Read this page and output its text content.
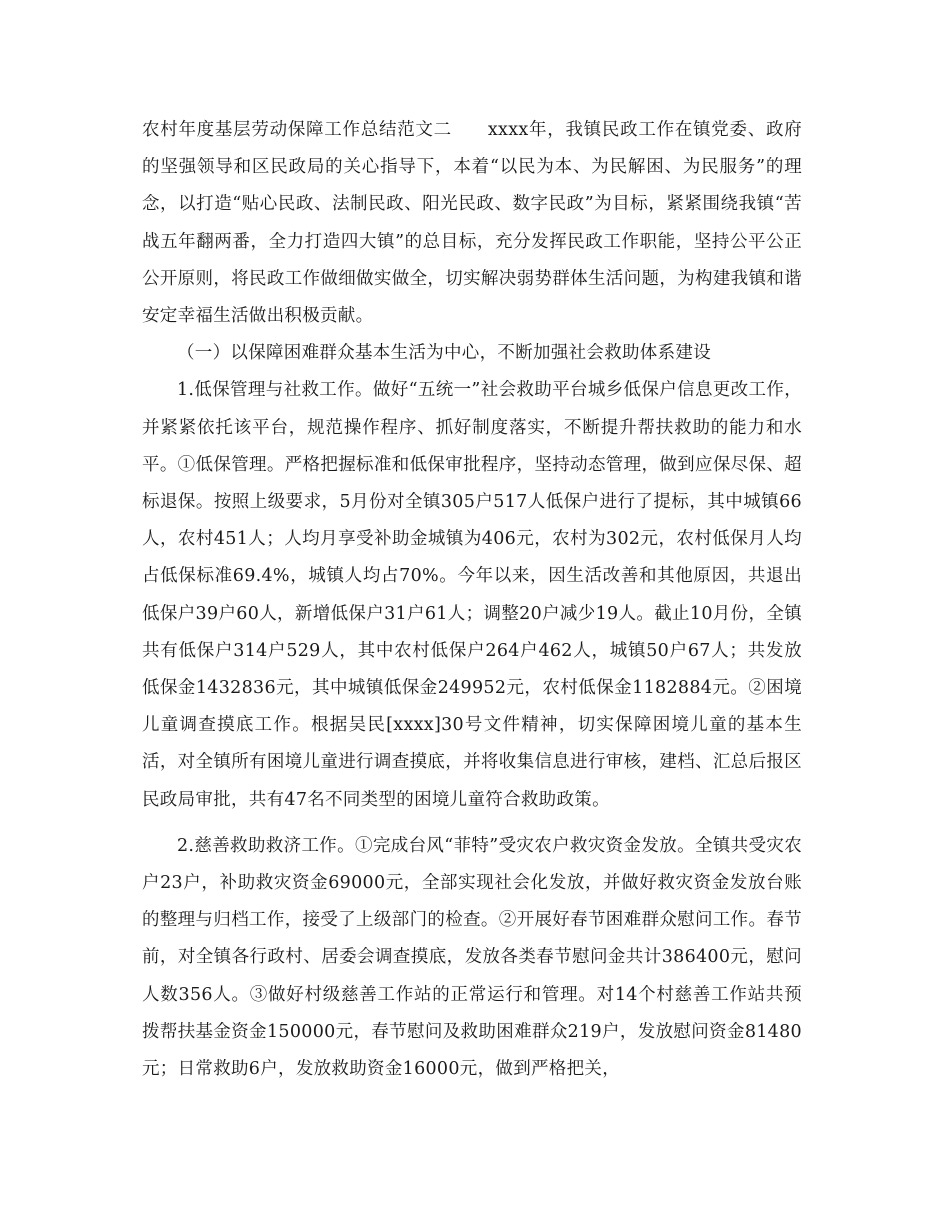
农村年度基层劳动保障工作总结范文二 xxxx年，我镇民政工作在镇党委、政府的坚强领导和区民政局的关心指导下，本着“以民为本、为民解困、为民服务”的理念，以打造“贴心民政、法制民政、阳光民政、数字民政”为目标，紧紧围绕我镇“苦战五年翻两番，全力打造四大镇”的总目标，充分发挥民政工作职能，坚持公平公正公开原则，将民政工作做细做实做全，切实解决弱势群体生活问题，为构建我镇和谐安定幸福生活做出积极贡献。

（一）以保障困难群众基本生活为中心，不断加强社会救助体系建设

1.低保管理与社救工作。做好“五统一”社会救助平台城乡低保户信息更改工作，并紧紧依托该平台，规范操作程序、抓好制度落实，不断提升帮扶救助的能力和水平。①低保管理。严格把握标准和低保审批程序，坚持动态管理，做到应保尽保、超标退保。按照上级要求，5月份对全镇305户517人低保户进行了提标，其中城镇66人，农村451人；人均月享受补助金城镇为406元，农村为302元，农村低保月人均占低保标准69.4%，城镇人均占70%。今年以来，因生活改善和其他原因，共退出低保户39户60人，新增低保户31户61人；调整20户减少19人。截止10月份，全镇共有低保户314户529人，其中农村低保户264户462人，城镇50户67人；共发放低保金1432836元，其中城镇低保金249952元，农村低保金1182884元。②困境儿童调查摸底工作。根据吴民[xxxx]30号文件精神，切实保障困境儿童的基本生活，对全镇所有困境儿童进行调查摸底，并将收集信息进行审核，建档、汇总后报区民政局审批，共有47名不同类型的困境儿童符合救助政策。

2.慈善救助救济工作。①完成台风“菲特”受灾农户救灾资金发放。全镇共受灾农户23户，补助救灾资金69000元，全部实现社会化发放，并做好救灾资金发放台账的整理与归档工作，接受了上级部门的检查。②开展好春节困难群众慰问工作。春节前，对全镇各行政村、居委会调查摸底，发放各类春节慰问金共计386400元，慰问人数356人。③做好村级慈善工作站的正常运行和管理。对14个村慈善工作站共预拨帮扶基金资金150000元，春节慰问及救助困难群众219户，发放慰问资金81480元；日常救助6户，发放救助资金16000元，做到严格把关，
